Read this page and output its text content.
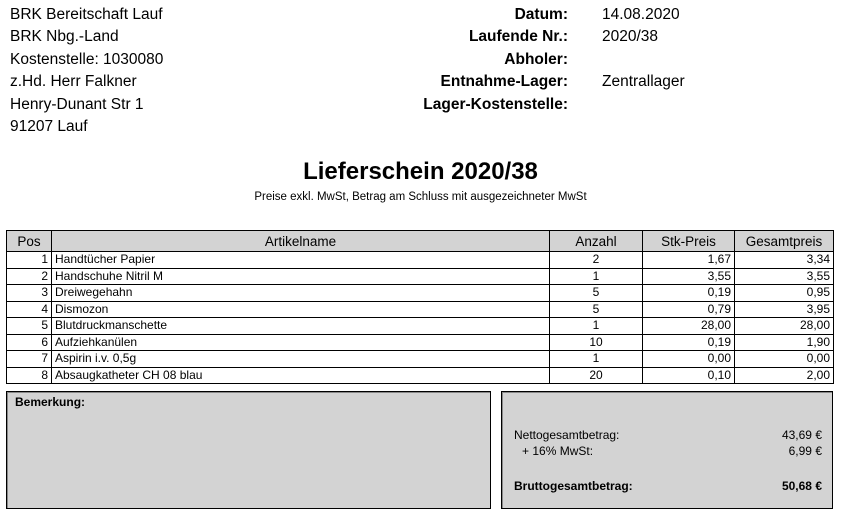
BRK Bereitschaft Lauf
BRK Nbg.-Land
Kostenstelle: 1030080
z.Hd. Herr Falkner
Henry-Dunant Str 1
91207 Lauf
Datum: 14.08.2020
Laufende Nr.: 2020/38
Abholer:
Entnahme-Lager: Zentrallager
Lager-Kostenstelle:
Lieferschein 2020/38
Preise exkl. MwSt, Betrag am Schluss mit ausgezeichneter MwSt
Pos	Artikelname	Anzahl	Stk-Preis	Gesamtpreis
1	Handtücher Papier	2	1,67	3,34
2	Handschuhe Nitril M	1	3,55	3,55
3	Dreiwegehahn	5	0,19	0,95
4	Dismozon	5	0,79	3,95
5	Blutdruckmanschette	1	28,00	28,00
6	Aufziehkanülen	10	0,19	1,90
7	Aspirin i.v. 0,5g	1	0,00	0,00
8	Absaugkatheter CH 08 blau	20	0,10	2,00
Bemerkung:
Nettogesamtbetrag:	43,69 €
+ 16% MwSt:	6,99 €
Bruttogesamtbetrag:	50,68 €
